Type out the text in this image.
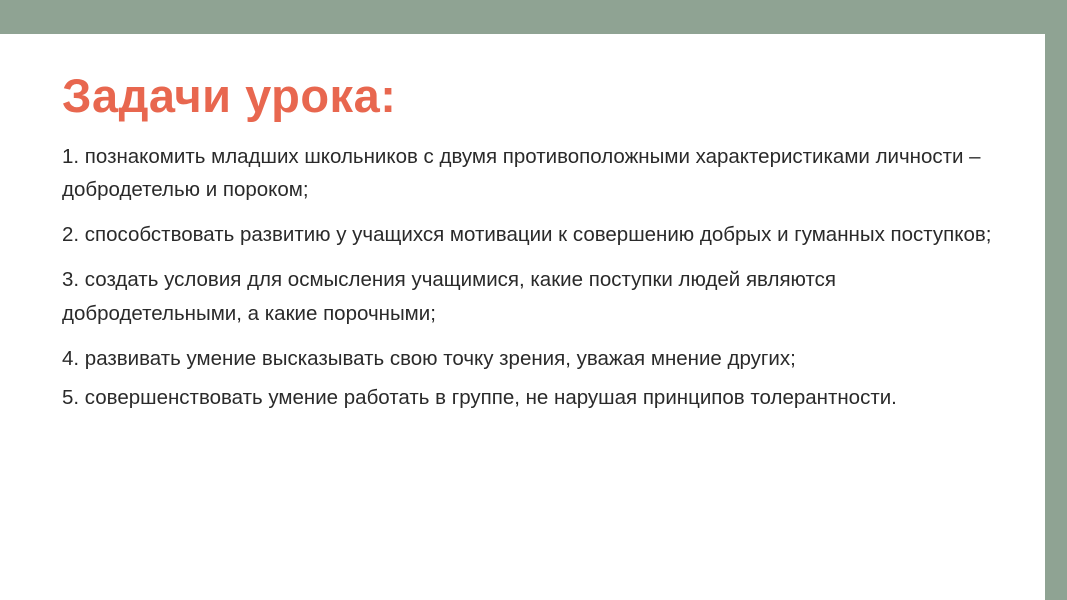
Задачи урока:
1. познакомить младших школьников с двумя противоположными характеристиками личности – добродетелью и пороком;
2. способствовать развитию у учащихся мотивации к совершению добрых и гуманных поступков;
3. создать условия для осмысления учащимися, какие поступки людей являются добродетельными, а какие порочными;
4. развивать умение высказывать свою точку зрения, уважая мнение других;
5. совершенствовать умение работать в группе, не нарушая принципов толерантности.
